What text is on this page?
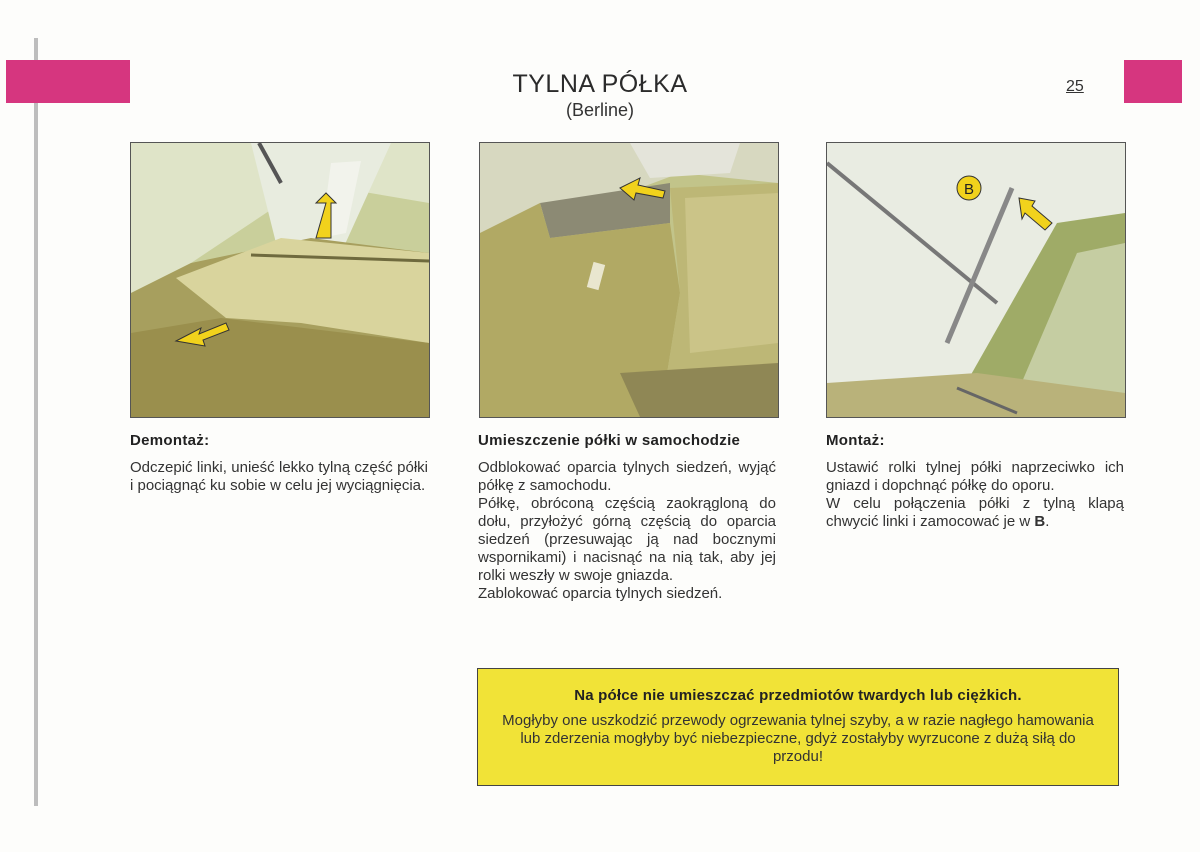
TYLNA PÓŁKA
(Berline)
25
B
Demontaż:

Odczepić linki, unieść lekko tylną część półki i pociągnąć ku sobie w celu jej wyciągnięcia.

Umieszczenie półki w samochodzie

Odblokować oparcia tylnych siedzeń, wyjąć półkę z samochodu.

Półkę, obróconą częścią zaokrągloną do dołu, przyłożyć górną częścią do oparcia siedzeń (przesuwając ją nad bocznymi wspornikami) i nacisnąć na nią tak, aby jej rolki weszły w swoje gniazda.

Zablokować oparcia tylnych siedzeń.

Montaż:

Ustawić rolki tylnej półki naprzeciwko ich gniazd i dopchnąć półkę do oporu.

W celu połączenia półki z tylną klapą chwycić linki i zamocować je w B.

Na półce nie umieszczać przedmiotów twardych lub ciężkich.
Mogłyby one uszkodzić przewody ogrzewania tylnej szyby, a w razie nagłego hamowania lub zderzenia mogłyby być niebezpieczne, gdyż zostałyby wyrzucone z dużą siłą do przodu!
